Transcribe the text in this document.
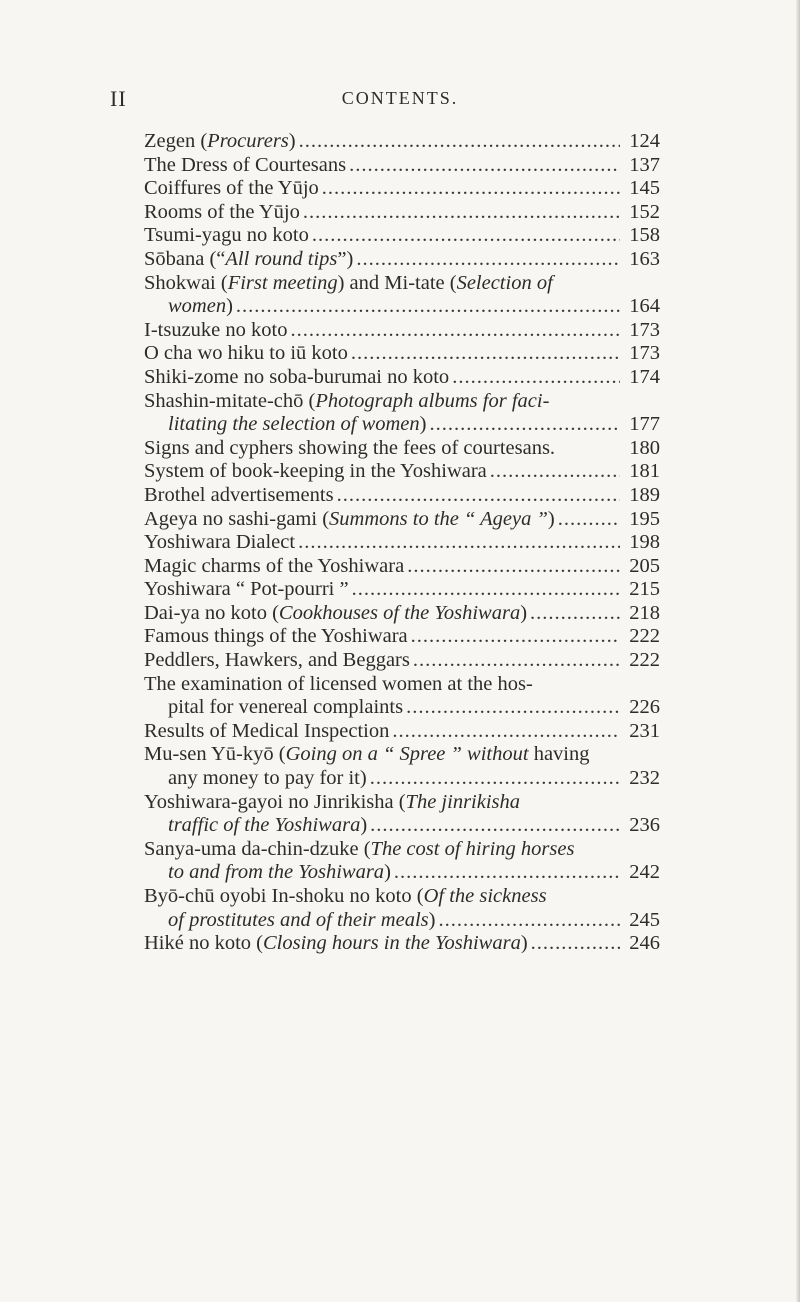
II	CONTENTS.
Zegen (Procurers) .....	124
The Dress of Courtesans .....	137
Coiffures of the Yūjo .....	145
Rooms of the Yūjo .....	152
Tsumi-yagu no koto .....	158
Sōbana (“All round tips”) .....	163
Shokwai (First meeting) and Mi-tate (Selection of
women) .....	164
I-tsuzuke no koto .....	173
O cha wo hiku to iū koto .....	173
Shiki-zome no soba-burumai no koto .....	174
Shashin-mitate-chō (Photograph albums for faci-
litating the selection of women) .....	177
Signs and cyphers showing the fees of courtesans.	180
System of book-keeping in the Yoshiwara .....	181
Brothel advertisements .....	189
Ageya no sashi-gami (Summons to the “ Ageya ”) .....	195
Yoshiwara Dialect .....	198
Magic charms of the Yoshiwara .....	205
Yoshiwara “ Pot-pourri ” .....	215
Dai-ya no koto (Cookhouses of the Yoshiwara) .....	218
Famous things of the Yoshiwara .....	222
Peddlers, Hawkers, and Beggars .....	222
The examination of licensed women at the hos-
pital for venereal complaints .....	226
Results of Medical Inspection .....	231
Mu-sen Yū-kyō (Going on a “ Spree ” without having
any money to pay for it) .....	232
Yoshiwara-gayoi no Jinrikisha (The jinrikisha
traffic of the Yoshiwara) .....	236
Sanya-uma da-chin-dzuke (The cost of hiring horses
to and from the Yoshiwara) .....	242
Byō-chū oyobi In-shoku no koto (Of the sickness
of prostitutes and of their meals) .....	245
Hiké no koto (Closing hours in the Yoshiwara) .....	246
